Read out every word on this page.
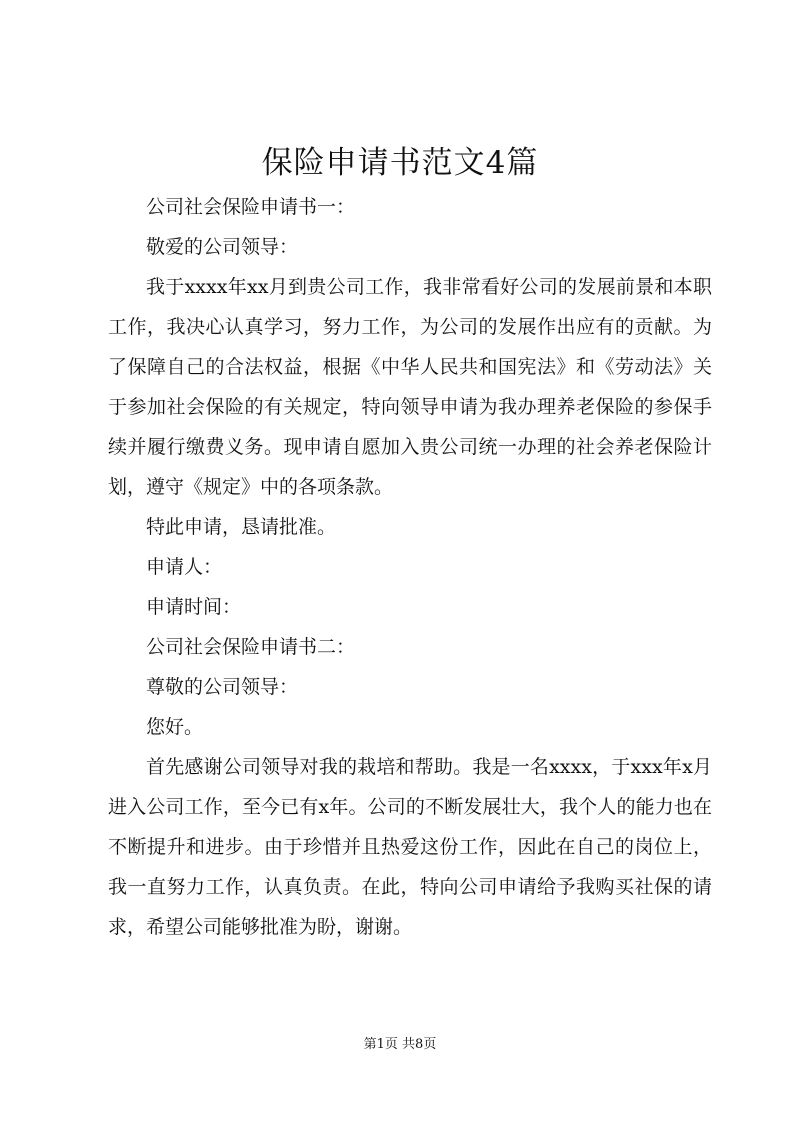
保险申请书范文4篇

公司社会保险申请书一：

敬爱的公司领导：

我于xxxx年xx月到贵公司工作，我非常看好公司的发展前景和本职工作，我决心认真学习，努力工作，为公司的发展作出应有的贡献。为了保障自己的合法权益，根据《中华人民共和国宪法》和《劳动法》关于参加社会保险的有关规定，特向领导申请为我办理养老保险的参保手续并履行缴费义务。现申请自愿加入贵公司统一办理的社会养老保险计划，遵守《规定》中的各项条款。

特此申请，恳请批准。

申请人：

申请时间：

公司社会保险申请书二：

尊敬的公司领导：

您好。

首先感谢公司领导对我的栽培和帮助。我是一名xxxx，于xxx年x月进入公司工作，至今已有x年。公司的不断发展壮大，我个人的能力也在不断提升和进步。由于珍惜并且热爱这份工作，因此在自己的岗位上，我一直努力工作，认真负责。在此，特向公司申请给予我购买社保的请求，希望公司能够批准为盼，谢谢。

第1页 共8页
